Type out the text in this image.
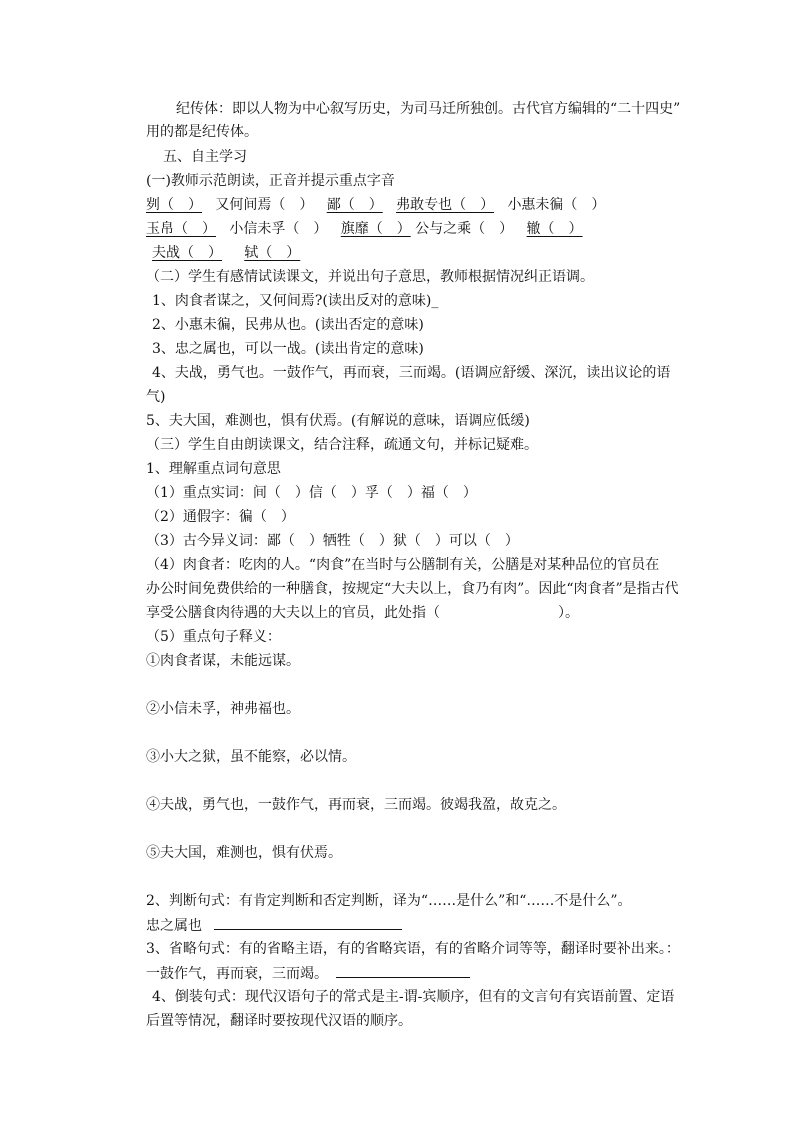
纪传体：即以人物为中心叙写历史，为司马迁所独创。古代官方编辑的“二十四史”
用的都是纪传体。
五、自主学习
(一)教师示范朗读，正音并提示重点字音
刿（　） 又何间焉（　） 鄙（　） 弗敢专也（　） 小惠未徧（　）
玉帛（　） 小信未孚（　） 旗靡（　） 公与之乘（　） 辙（　）
夫战（　） 轼（　）
（二）学生有感情试读课文，并说出句子意思，教师根据情况纠正语调。
1、肉食者谋之，又何间焉?(读出反对的意味)_
2、小惠未徧，民弗从也。(读出否定的意味)
3、忠之属也，可以一战。(读出肯定的意味)
4、夫战，勇气也。一鼓作气，再而衰，三而竭。(语调应舒缓、深沉，读出议论的语
气)
5、夫大国，难测也，惧有伏焉。(有解说的意味，语调应低缓)
（三）学生自由朗读课文，结合注释，疏通文句，并标记疑难。
1、理解重点词句意思
（1）重点实词：间（　）信（　）孚（　）福（　）
（2）通假字：徧（　）
（3）古今异义词：鄙（　）牺牲（　）狱（　）可以（　）
（4）肉食者：吃肉的人。“肉食”在当时与公膳制有关，公膳是对某种品位的官员在
办公时间免费供给的一种膳食，按规定“大夫以上，食乃有肉”。因此“肉食者”是指古代
享受公膳食肉待遇的大夫以上的官员，此处指（	）。
（5）重点句子释义：
①肉食者谋，未能远谋。
②小信未孚，神弗福也。
③小大之狱，虽不能察，必以情。
④夫战，勇气也，一鼓作气，再而衰，三而竭。彼竭我盈，故克之。
⑤夫大国，难测也，惧有伏焉。
2、判断句式：有肯定判断和否定判断，译为“……是什么”和“……不是什么”。
忠之属也
3、省略句式：有的省略主语，有的省略宾语，有的省略介词等等，翻译时要补出来。：
一鼓作气，再而衰，三而竭。
4、倒装句式：现代汉语句子的常式是主-谓-宾顺序，但有的文言句有宾语前置、定语
后置等情况，翻译时要按现代汉语的顺序。
